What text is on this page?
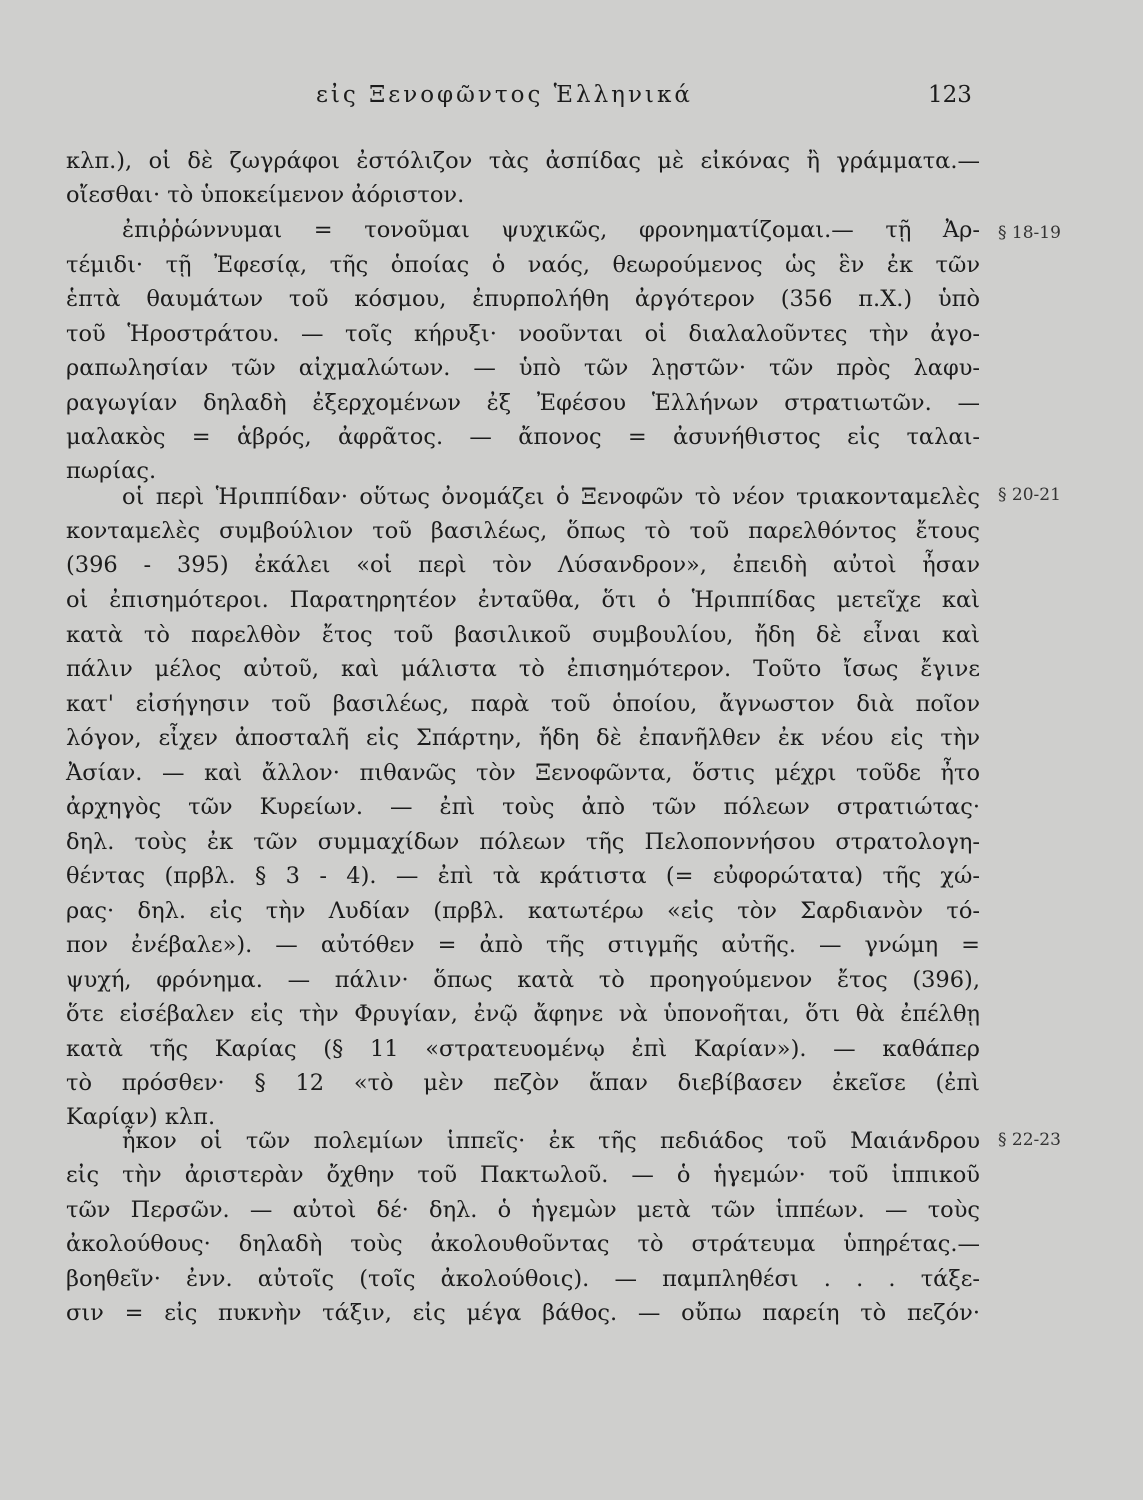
εἰς Ξενοφῶντος Ἑλληνικά	123
§ 18-19
§ 20-21
§ 22-23
κλπ.), οἱ δὲ ζωγράφοι ἐστόλιζον τὰς ἀσπίδας μὲ εἰκόνας ἢ γράμματα.—
οἴεσθαι· τὸ ὑποκείμενον ἀόριστον.
ἐπιῤῥώννυμαι = τονοῦμαι ψυχικῶς, φρονηματίζομαι.— τῇ Ἀρ-
τέμιδι· τῇ Ἐφεσίᾳ, τῆς ὁποίας ὁ ναός, θεωρούμενος ὡς ἓν ἐκ τῶν
ἑπτὰ θαυμάτων τοῦ κόσμου, ἐπυρπολήθη ἀργότερον (356 π.Χ.) ὑπὸ
τοῦ Ἡροστράτου. — τοῖς κήρυξι· νοοῦνται οἱ διαλαλοῦντες τὴν ἀγο-
ραπωλησίαν τῶν αἰχμαλώτων. — ὑπὸ τῶν λῃστῶν· τῶν πρὸς λαφυ-
ραγωγίαν δηλαδὴ ἐξερχομένων ἐξ Ἐφέσου Ἑλλήνων στρατιωτῶν. —
μαλακὸς = ἁβρός, ἀφρᾶτος. — ἄπονος = ἀσυνήθιστος εἰς ταλαι-
πωρίας.
οἱ περὶ Ἡριππίδαν· οὕτως ὀνομάζει ὁ Ξενοφῶν τὸ νέον τριακονταμελὲς
κονταμελὲς συμβούλιον τοῦ βασιλέως, ὅπως τὸ τοῦ παρελθόντος ἔτους
(396 - 395) ἐκάλει «οἱ περὶ τὸν Λύσανδρον», ἐπειδὴ αὐτοὶ ἦσαν
οἱ ἐπισημότεροι. Παρατηρητέον ἐνταῦθα, ὅτι ὁ Ἡριππίδας μετεῖχε καὶ
κατὰ τὸ παρελθὸν ἔτος τοῦ βασιλικοῦ συμβουλίου, ἤδη δὲ εἶναι καὶ
πάλιν μέλος αὐτοῦ, καὶ μάλιστα τὸ ἐπισημότερον. Τοῦτο ἴσως ἔγινε
κατ' εἰσήγησιν τοῦ βασιλέως, παρὰ τοῦ ὁποίου, ἄγνωστον διὰ ποῖον
λόγον, εἶχεν ἀποσταλῆ εἰς Σπάρτην, ἤδη δὲ ἐπανῆλθεν ἐκ νέου εἰς τὴν
Ἀσίαν. — καὶ ἄλλον· πιθανῶς τὸν Ξενοφῶντα, ὅστις μέχρι τοῦδε ἦτο
ἀρχηγὸς τῶν Κυρείων. — ἐπὶ τοὺς ἀπὸ τῶν πόλεων στρατιώτας·
δηλ. τοὺς ἐκ τῶν συμμαχίδων πόλεων τῆς Πελοποννήσου στρατολογη-
θέντας (πρβλ. § 3 - 4). — ἐπὶ τὰ κράτιστα (= εὐφορώτατα) τῆς χώ-
ρας· δηλ. εἰς τὴν Λυδίαν (πρβλ. κατωτέρω «εἰς τὸν Σαρδιανὸν τό-
πον ἐνέβαλε»). — αὐτόθεν = ἀπὸ τῆς στιγμῆς αὐτῆς. — γνώμη =
ψυχή, φρόνημα. — πάλιν· ὅπως κατὰ τὸ προηγούμενον ἔτος (396),
ὅτε εἰσέβαλεν εἰς τὴν Φρυγίαν, ἐνῷ ἄφηνε νὰ ὑπονοῆται, ὅτι θὰ ἐπέλθῃ
κατὰ τῆς Καρίας (§ 11 «στρατευομένῳ ἐπὶ Καρίαν»). — καθάπερ
τὸ πρόσθεν· § 12 «τὸ μὲν πεζὸν ἅπαν διεβίβασεν ἐκεῖσε (ἐπὶ
Καρίαν) κλπ.
ἧκον οἱ τῶν πολεμίων ἱππεῖς· ἐκ τῆς πεδιάδος τοῦ Μαιάνδρου
εἰς τὴν ἀριστερὰν ὄχθην τοῦ Πακτωλοῦ. — ὁ ἡγεμών· τοῦ ἱππικοῦ
τῶν Περσῶν. — αὐτοὶ δέ· δηλ. ὁ ἡγεμὼν μετὰ τῶν ἱππέων. — τοὺς
ἀκολούθους· δηλαδὴ τοὺς ἀκολουθοῦντας τὸ στράτευμα ὑπηρέτας.—
βοηθεῖν· ἐνν. αὐτοῖς (τοῖς ἀκολούθοις). — παμπληθέσι . . . τάξε-
σιν = εἰς πυκνὴν τάξιν, εἰς μέγα βάθος. — οὔπω παρείη τὸ πεζόν·
